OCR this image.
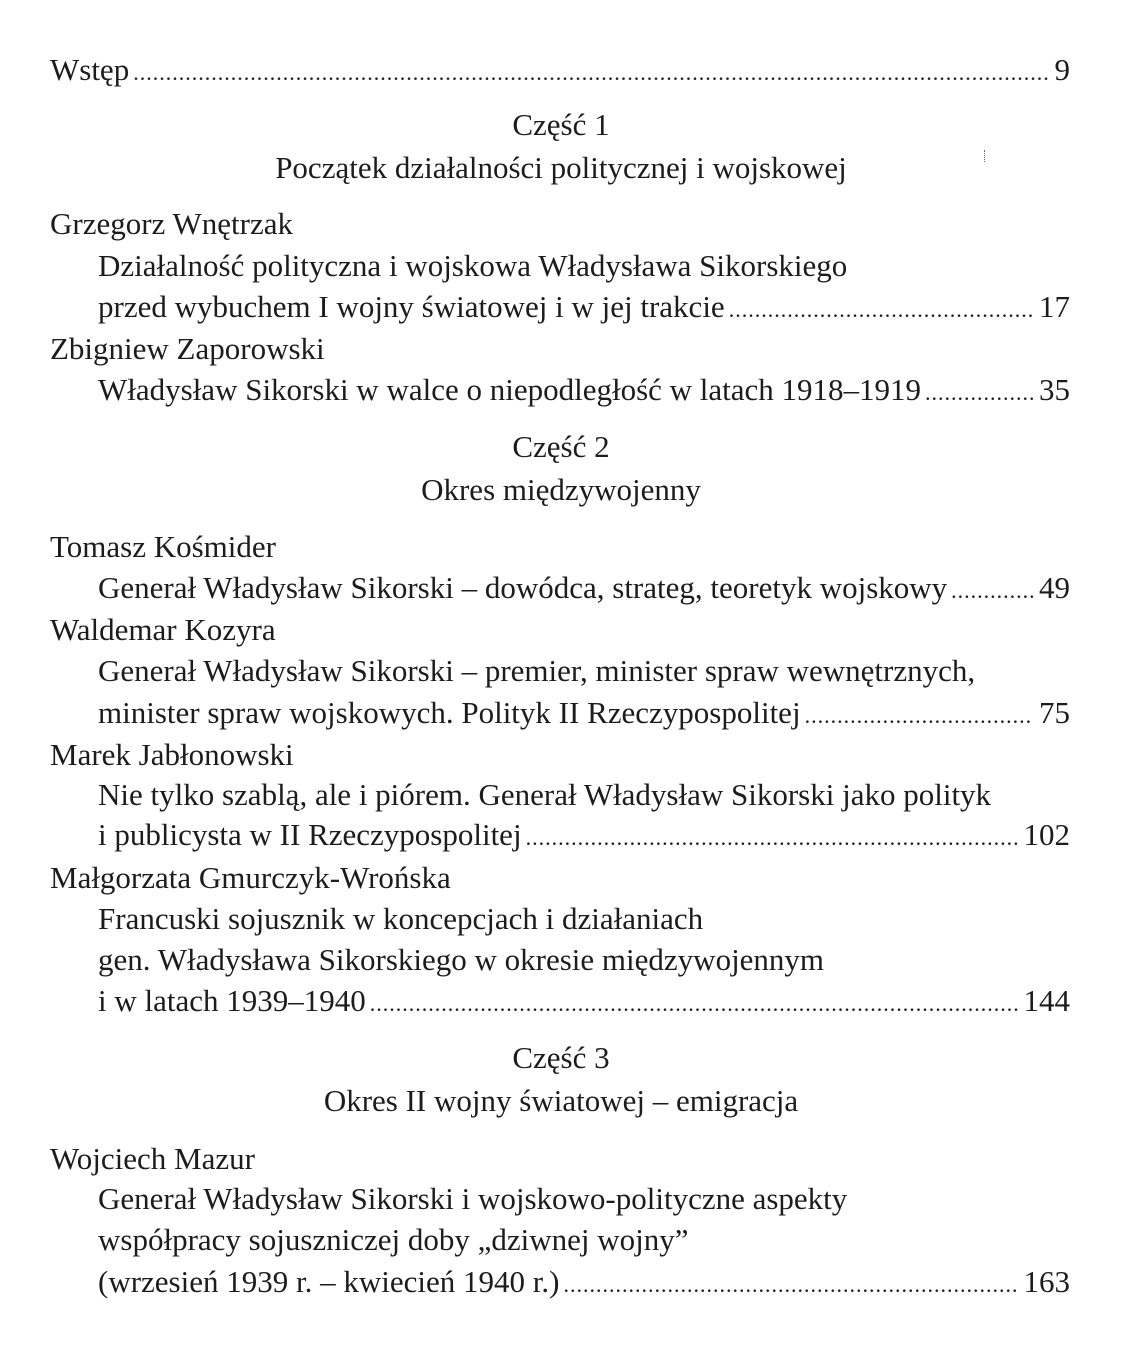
Wstęp .....	9
Część 1
Początek działalności politycznej i wojskowej
Grzegorz Wnętrzak
Działalność polityczna i wojskowa Władysława Sikorskiego
przed wybuchem I wojny światowej i w jej trakcie .....	17
Zbigniew Zaporowski
Władysław Sikorski w walce o niepodległość w latach 1918–1919 .....	35
Część 2
Okres międzywojenny
Tomasz Kośmider
Generał Władysław Sikorski – dowódca, strateg, teoretyk wojskowy .....	49
Waldemar Kozyra
Generał Władysław Sikorski – premier, minister spraw wewnętrznych,
minister spraw wojskowych. Polityk II Rzeczypospolitej .....	75
Marek Jabłonowski
Nie tylko szablą, ale i piórem. Generał Władysław Sikorski jako polityk
i publicysta w II Rzeczypospolitej .....	102
Małgorzata Gmurczyk-Wrońska
Francuski sojusznik w koncepcjach i działaniach
gen. Władysława Sikorskiego w okresie międzywojennym
i w latach 1939–1940 .....	144
Część 3
Okres II wojny światowej – emigracja
Wojciech Mazur
Generał Władysław Sikorski i wojskowo-polityczne aspekty
współpracy sojuszniczej doby „dziwnej wojny”
(wrzesień 1939 r. – kwiecień 1940 r.) .....	163
